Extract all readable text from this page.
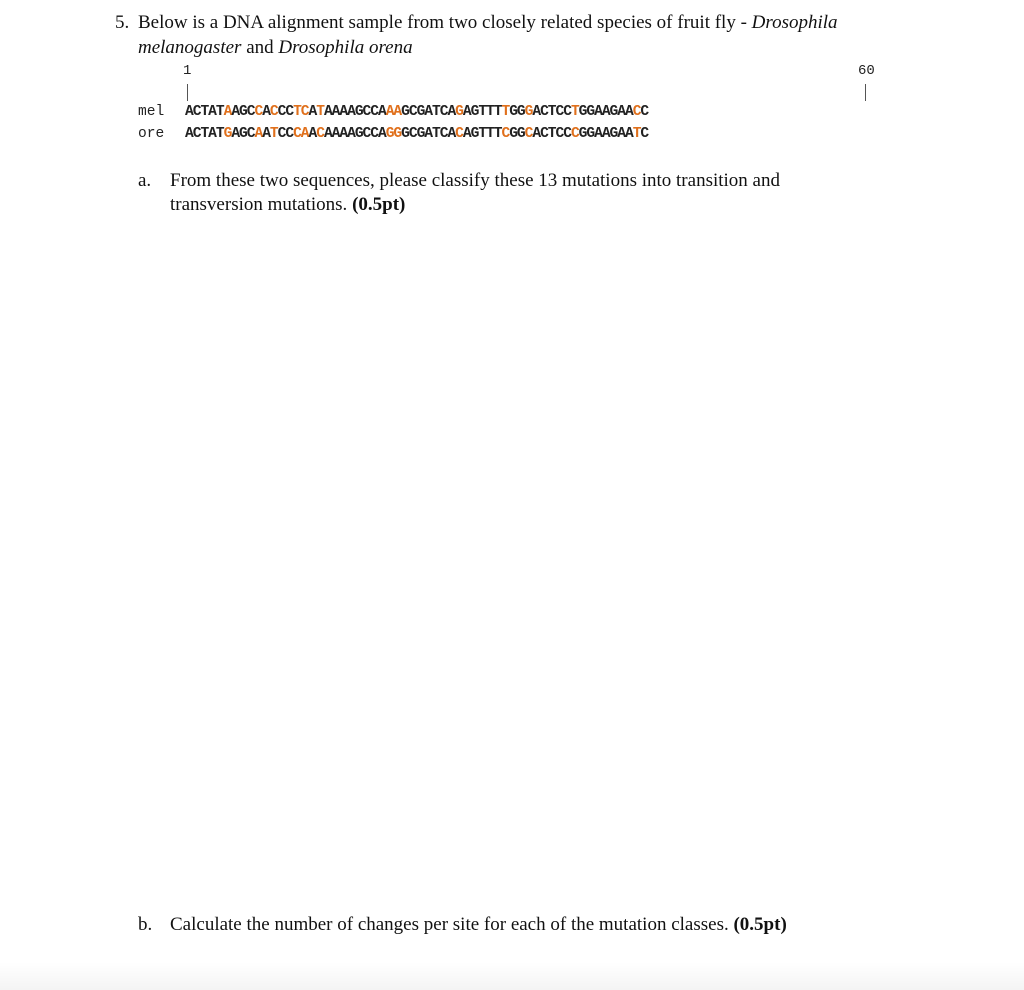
5. Below is a DNA alignment sample from two closely related species of fruit fly - Drosophila
melanogaster and Drosophila orena
1	60
mel ACTATAAGCCACCCTCATAAAAGCCAAAGCGATCAGAGTTTTGGGACTCCTGGAAGAACC
ore ACTATGAGCAATCCCAACAAAAGCCAGGGCGATCACAGTTTCGGCACTCCCGGAAGAATC
a. From these two sequences, please classify these 13 mutations into transition and transversion mutations. (0.5pt)
b. Calculate the number of changes per site for each of the mutation classes. (0.5pt)
